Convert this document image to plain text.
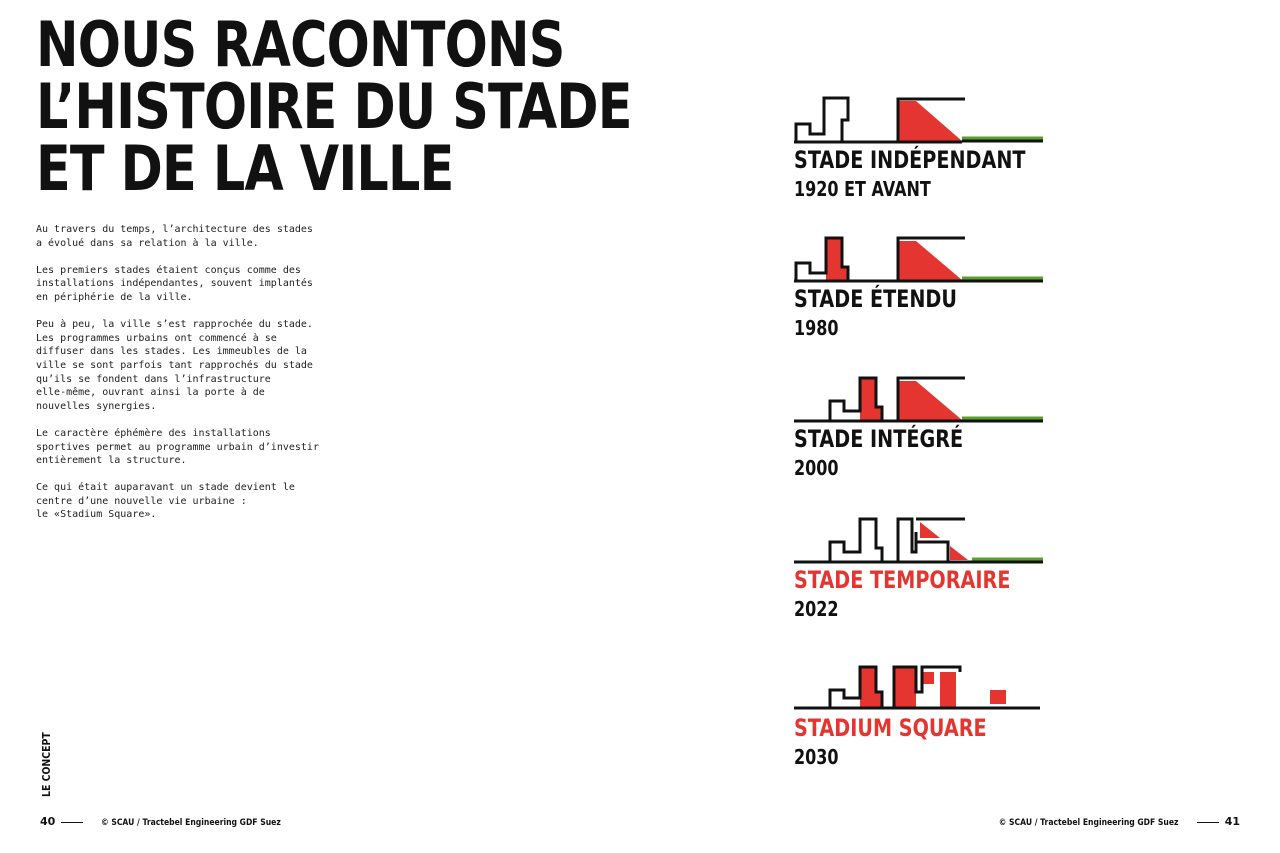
NOUS RACONTONS
L’HISTOIRE DU STADE
ET DE LA VILLE

Au travers du temps, l’architecture des stades
a évolué dans sa relation à la ville.

Les premiers stades étaient conçus comme des
installations indépendantes, souvent implantés
en périphérie de la ville.

Peu à peu, la ville s’est rapprochée du stade.
Les programmes urbains ont commencé à se
diffuser dans les stades. Les immeubles de la
ville se sont parfois tant rapprochés du stade
qu’ils se fondent dans l’infrastructure
elle-même, ouvrant ainsi la porte à de
nouvelles synergies.

Le caractère éphémère des installations
sportives permet au programme urbain d’investir
entièrement la structure.

Ce qui était auparavant un stade devient le
centre d’une nouvelle vie urbaine :
le «Stadium Square».

LE CONCEPT
40	© SCAU / Tractebel Engineering GDF Suez	© SCAU / Tractebel Engineering GDF Suez	41
STADE INDÉPENDANT
1920 ET AVANT
STADE ÉTENDU
1980
STADE INTÉGRÉ
2000
STADE TEMPORAIRE
2022
STADIUM SQUARE
2030
